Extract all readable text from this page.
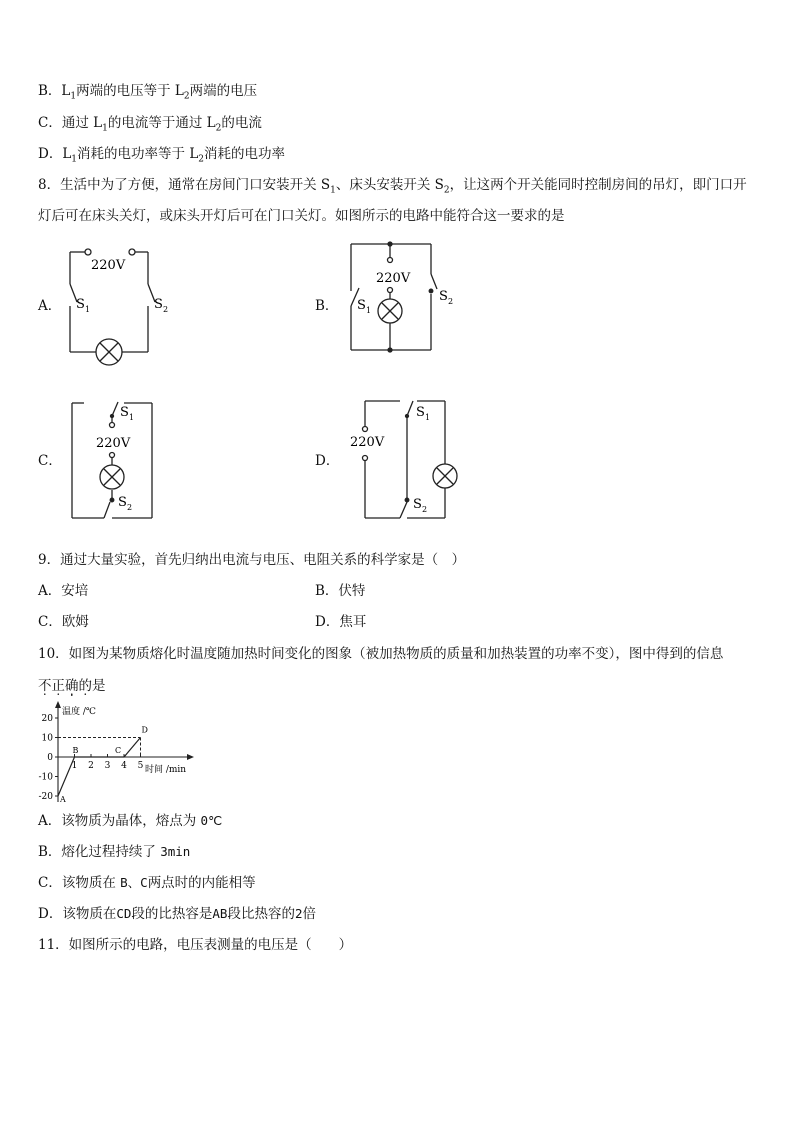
B．$L_1$两端的电压等于 $L_2$两端的电压
C．通过 $L_1$的电流等于通过 $L_2$的电流
D．$L_1$消耗的电功率等于 $L_2$消耗的电功率
8．生活中为了方便，通常在房间门口安装开关 $S_1$、床头安装开关 $S_2$，让这两个开关能同时控制房间的吊灯，即门口开
灯后可在床头关灯，或床头开灯后可在门口关灯。如图所示的电路中能符合这一要求的是
A．	B．
C．	D．
220V
S 1	S 2
220V
S 1
S 2
220V
S 1
S 2
220V
S 1
S 2
9．通过大量实验，首先归纳出电流与电压、电阻关系的科学家是（　）
A．安培	B．伏特
C．欧姆	D．焦耳
10．如图为某物质熔化时温度随加热时间变化的图象（被加热物质的质量和加热装置的功率不变），图中得到的信息
不正确的是 .
温度 /℃
时间 /min
20
10
0
-10
-20
1 2 3 4 5
A
B	C
D
A．该物质为晶体，熔点为 0℃
B．熔化过程持续了 3min
C．该物质在 B、C两点时的内能相等
D．该物质在CD段的比热容是AB段比热容的2倍
11．如图所示的电路，电压表测量的电压是（　　）
